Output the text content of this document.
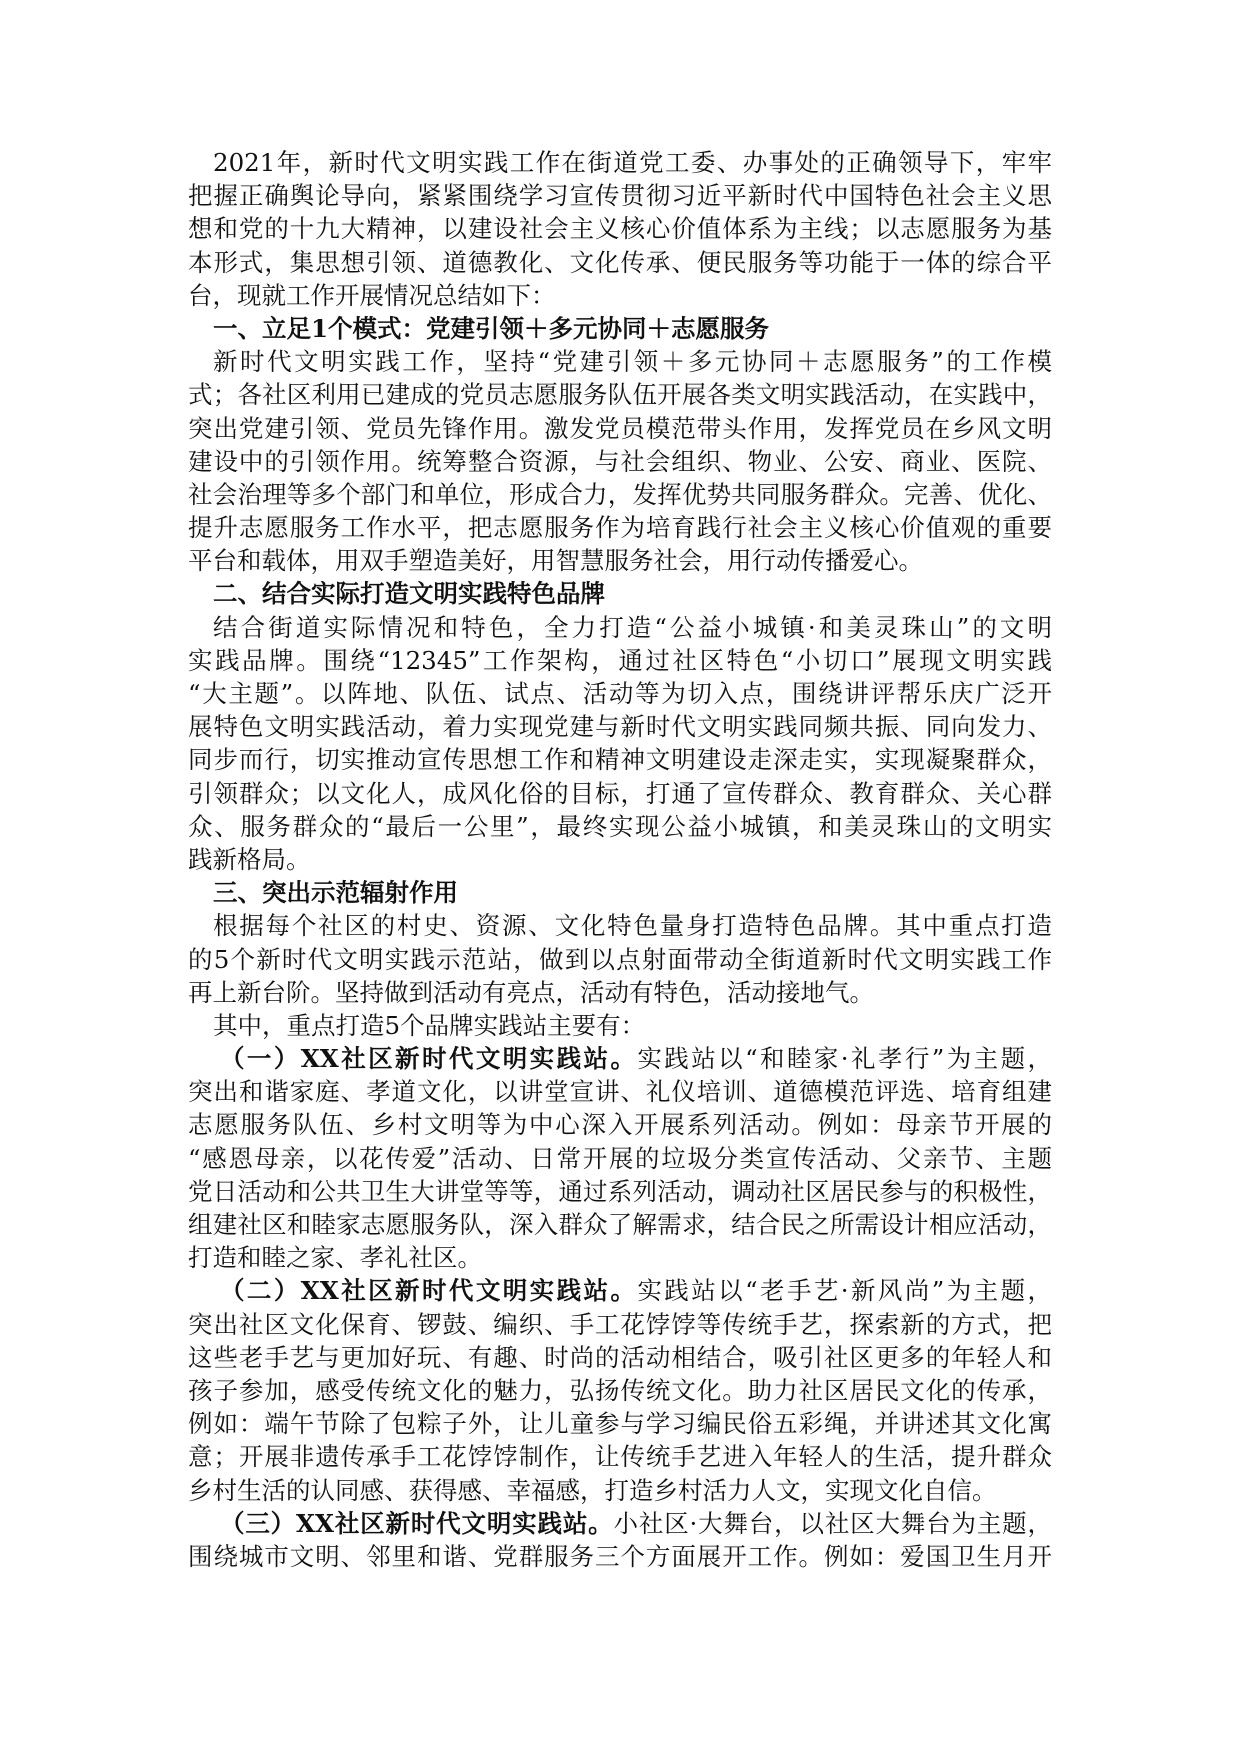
2021年，新时代文明实践工作在街道党工委、办事处的正确领导下，牢牢
把握正确舆论导向，紧紧围绕学习宣传贯彻习近平新时代中国特色社会主义思
想和党的十九大精神，以建设社会主义核心价值体系为主线；以志愿服务为基
本形式，集思想引领、道德教化、文化传承、便民服务等功能于一体的综合平
台，现就工作开展情况总结如下：
一、立足1个模式：党建引领＋多元协同＋志愿服务
新时代文明实践工作，坚持“党建引领＋多元协同＋志愿服务”的工作模
式；各社区利用已建成的党员志愿服务队伍开展各类文明实践活动，在实践中，
突出党建引领、党员先锋作用。激发党员模范带头作用，发挥党员在乡风文明
建设中的引领作用。统筹整合资源，与社会组织、物业、公安、商业、医院、
社会治理等多个部门和单位，形成合力，发挥优势共同服务群众。完善、优化、
提升志愿服务工作水平，把志愿服务作为培育践行社会主义核心价值观的重要
平台和载体，用双手塑造美好，用智慧服务社会，用行动传播爱心。
二、结合实际打造文明实践特色品牌
结合街道实际情况和特色，全力打造“公益小城镇·和美灵珠山”的文明
实践品牌。围绕“12345”工作架构，通过社区特色“小切口”展现文明实践
“大主题”。以阵地、队伍、试点、活动等为切入点，围绕讲评帮乐庆广泛开
展特色文明实践活动，着力实现党建与新时代文明实践同频共振、同向发力、
同步而行，切实推动宣传思想工作和精神文明建设走深走实，实现凝聚群众，
引领群众；以文化人，成风化俗的目标，打通了宣传群众、教育群众、关心群
众、服务群众的“最后一公里”，最终实现公益小城镇，和美灵珠山的文明实
践新格局。
三、突出示范辐射作用
根据每个社区的村史、资源、文化特色量身打造特色品牌。其中重点打造
的5个新时代文明实践示范站，做到以点射面带动全街道新时代文明实践工作
再上新台阶。坚持做到活动有亮点，活动有特色，活动接地气。
其中，重点打造5个品牌实践站主要有：
（一）XX社区新时代文明实践站。实践站以“和睦家·礼孝行”为主题，
突出和谐家庭、孝道文化，以讲堂宣讲、礼仪培训、道德模范评选、培育组建
志愿服务队伍、乡村文明等为中心深入开展系列活动。例如：母亲节开展的
“感恩母亲，以花传爱”活动、日常开展的垃圾分类宣传活动、父亲节、主题
党日活动和公共卫生大讲堂等等，通过系列活动，调动社区居民参与的积极性，
组建社区和睦家志愿服务队，深入群众了解需求，结合民之所需设计相应活动，
打造和睦之家、孝礼社区。
（二）XX社区新时代文明实践站。实践站以“老手艺·新风尚”为主题，
突出社区文化保育、锣鼓、编织、手工花饽饽等传统手艺，探索新的方式，把
这些老手艺与更加好玩、有趣、时尚的活动相结合，吸引社区更多的年轻人和
孩子参加，感受传统文化的魅力，弘扬传统文化。助力社区居民文化的传承，
例如：端午节除了包粽子外，让儿童参与学习编民俗五彩绳，并讲述其文化寓
意；开展非遗传承手工花饽饽制作，让传统手艺进入年轻人的生活，提升群众
乡村生活的认同感、获得感、幸福感，打造乡村活力人文，实现文化自信。
（三）XX社区新时代文明实践站。小社区·大舞台，以社区大舞台为主题，
围绕城市文明、邻里和谐、党群服务三个方面展开工作。例如：爱国卫生月开
